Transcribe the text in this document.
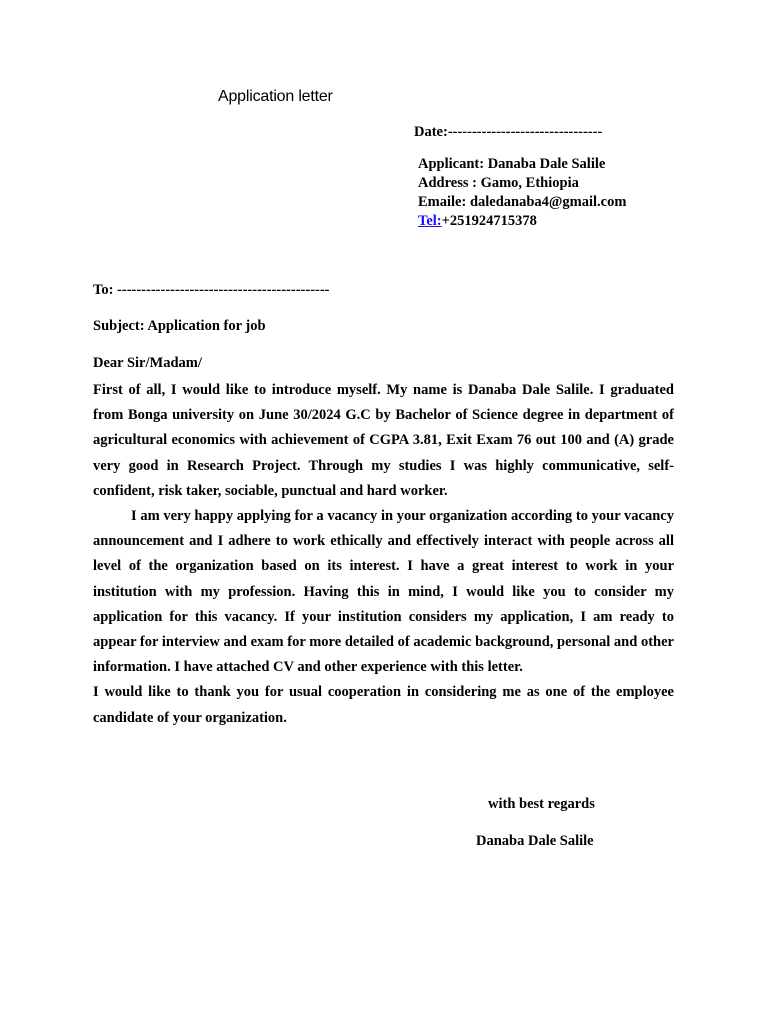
Application letter
Date:--------------------------------
Applicant: Danaba Dale Salile
Address : Gamo, Ethiopia
Emaile: daledanaba4@gmail.com
Tel:+251924715378
To: --------------------------------------------
Subject: Application for job
Dear Sir/Madam/

First of all, I would like to introduce myself. My name is Danaba Dale Salile. I graduated from Bonga university on June 30/2024 G.C by Bachelor of Science degree in department of agricultural economics with achievement of CGPA 3.81, Exit Exam 76 out 100 and (A) grade very good in Research Project. Through my studies I was highly communicative, self-confident, risk taker, sociable, punctual and hard worker.

I am very happy applying for a vacancy in your organization according to your vacancy announcement and I adhere to work ethically and effectively interact with people across all level of the organization based on its interest. I have a great interest to work in your institution with my profession. Having this in mind, I would like you to consider my application for this vacancy. If your institution considers my application, I am ready to appear for interview and exam for more detailed of academic background, personal and other information. I have attached CV and other experience with this letter.

I would like to thank you for usual cooperation in considering me as one of the employee candidate of your organization.

with best regards
Danaba Dale Salile
